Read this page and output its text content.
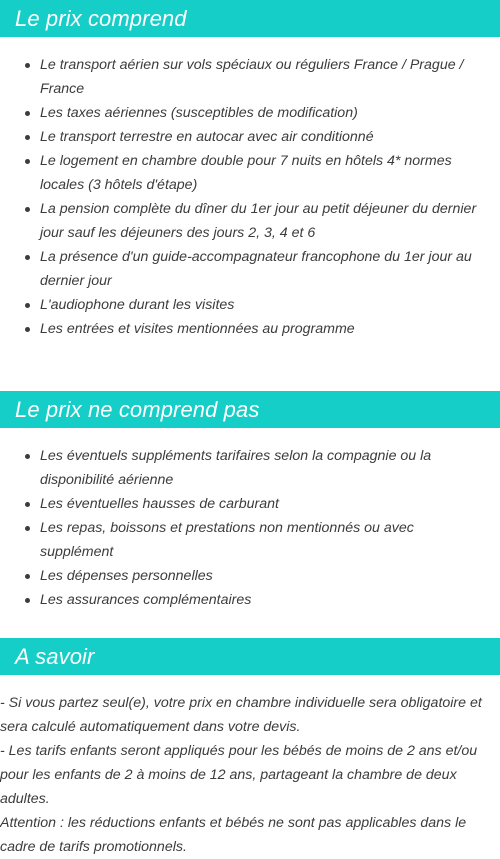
Le prix comprend
Le transport aérien sur vols spéciaux ou réguliers France / Prague / France
Les taxes aériennes (susceptibles de modification)
Le transport terrestre en autocar avec air conditionné
Le logement en chambre double pour 7 nuits en hôtels 4* normes locales (3 hôtels d'étape)
La pension complète du dîner du 1er jour au petit déjeuner du dernier jour sauf les déjeuners des jours 2, 3, 4 et 6
La présence d'un guide-accompagnateur francophone du 1er jour au dernier jour
L'audiophone durant les visites
Les entrées et visites mentionnées au programme
Le prix ne comprend pas
Les éventuels suppléments tarifaires selon la compagnie ou la disponibilité aérienne
Les éventuelles hausses de carburant
Les repas, boissons et prestations non mentionnés ou avec supplément
Les dépenses personnelles
Les assurances complémentaires
A savoir

- Si vous partez seul(e), votre prix en chambre individuelle sera obligatoire et sera calculé automatiquement dans votre devis.

- Les tarifs enfants seront appliqués pour les bébés de moins de 2 ans et/ou pour les enfants de 2 à moins de 12 ans, partageant la chambre de deux adultes.

Attention : les réductions enfants et bébés ne sont pas applicables dans le cadre de tarifs promotionnels.
